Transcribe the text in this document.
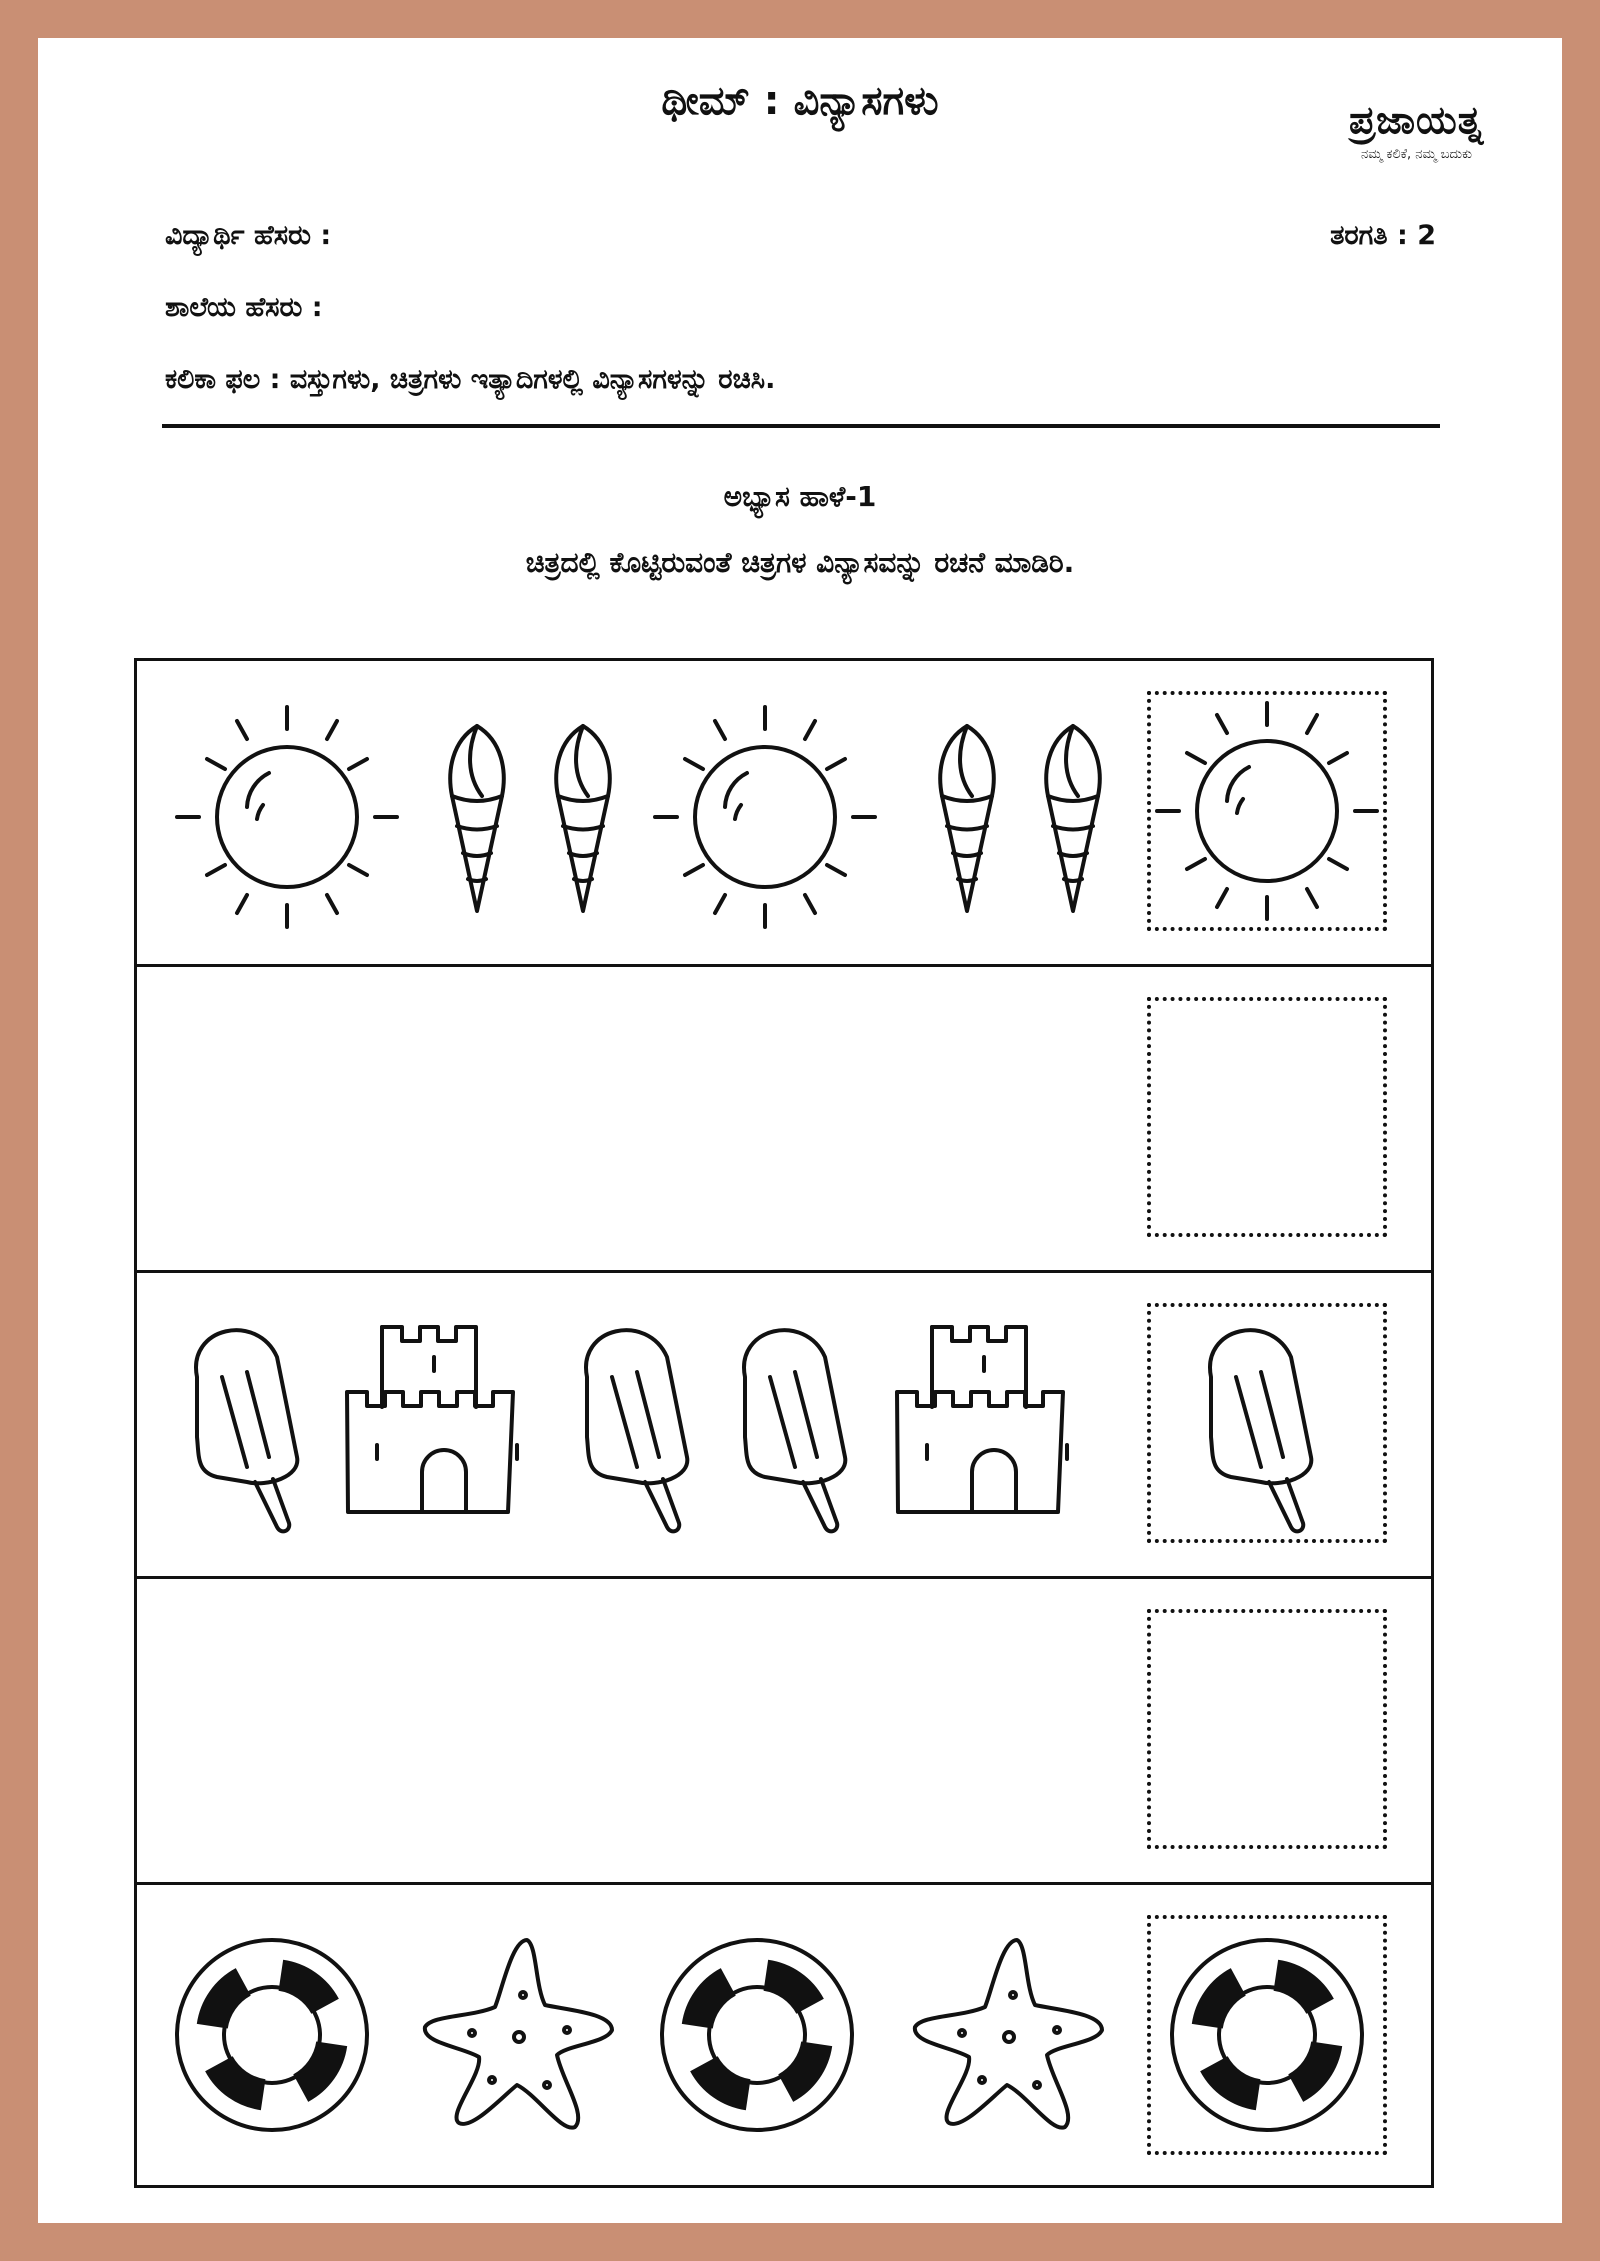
ಥೀಮ್ : ವಿನ್ಯಾಸಗಳು	ಪ್ರಜಾಯತ್ನ
ನಮ್ಮ ಕಲಿಕೆ, ನಮ್ಮ ಬದುಕು
ವಿದ್ಯಾರ್ಥಿ ಹೆಸರು :	ತರಗತಿ : 2
ಶಾಲೆಯ ಹೆಸರು :
ಕಲಿಕಾ ಫಲ : ವಸ್ತುಗಳು, ಚಿತ್ರಗಳು ಇತ್ಯಾದಿಗಳಲ್ಲಿ ವಿನ್ಯಾಸಗಳನ್ನು ರಚಿಸಿ.
ಅಭ್ಯಾಸ ಹಾಳೆ-1
ಚಿತ್ರದಲ್ಲಿ ಕೊಟ್ಟಿರುವಂತೆ ಚಿತ್ರಗಳ ವಿನ್ಯಾಸವನ್ನು ರಚನೆ ಮಾಡಿರಿ.
